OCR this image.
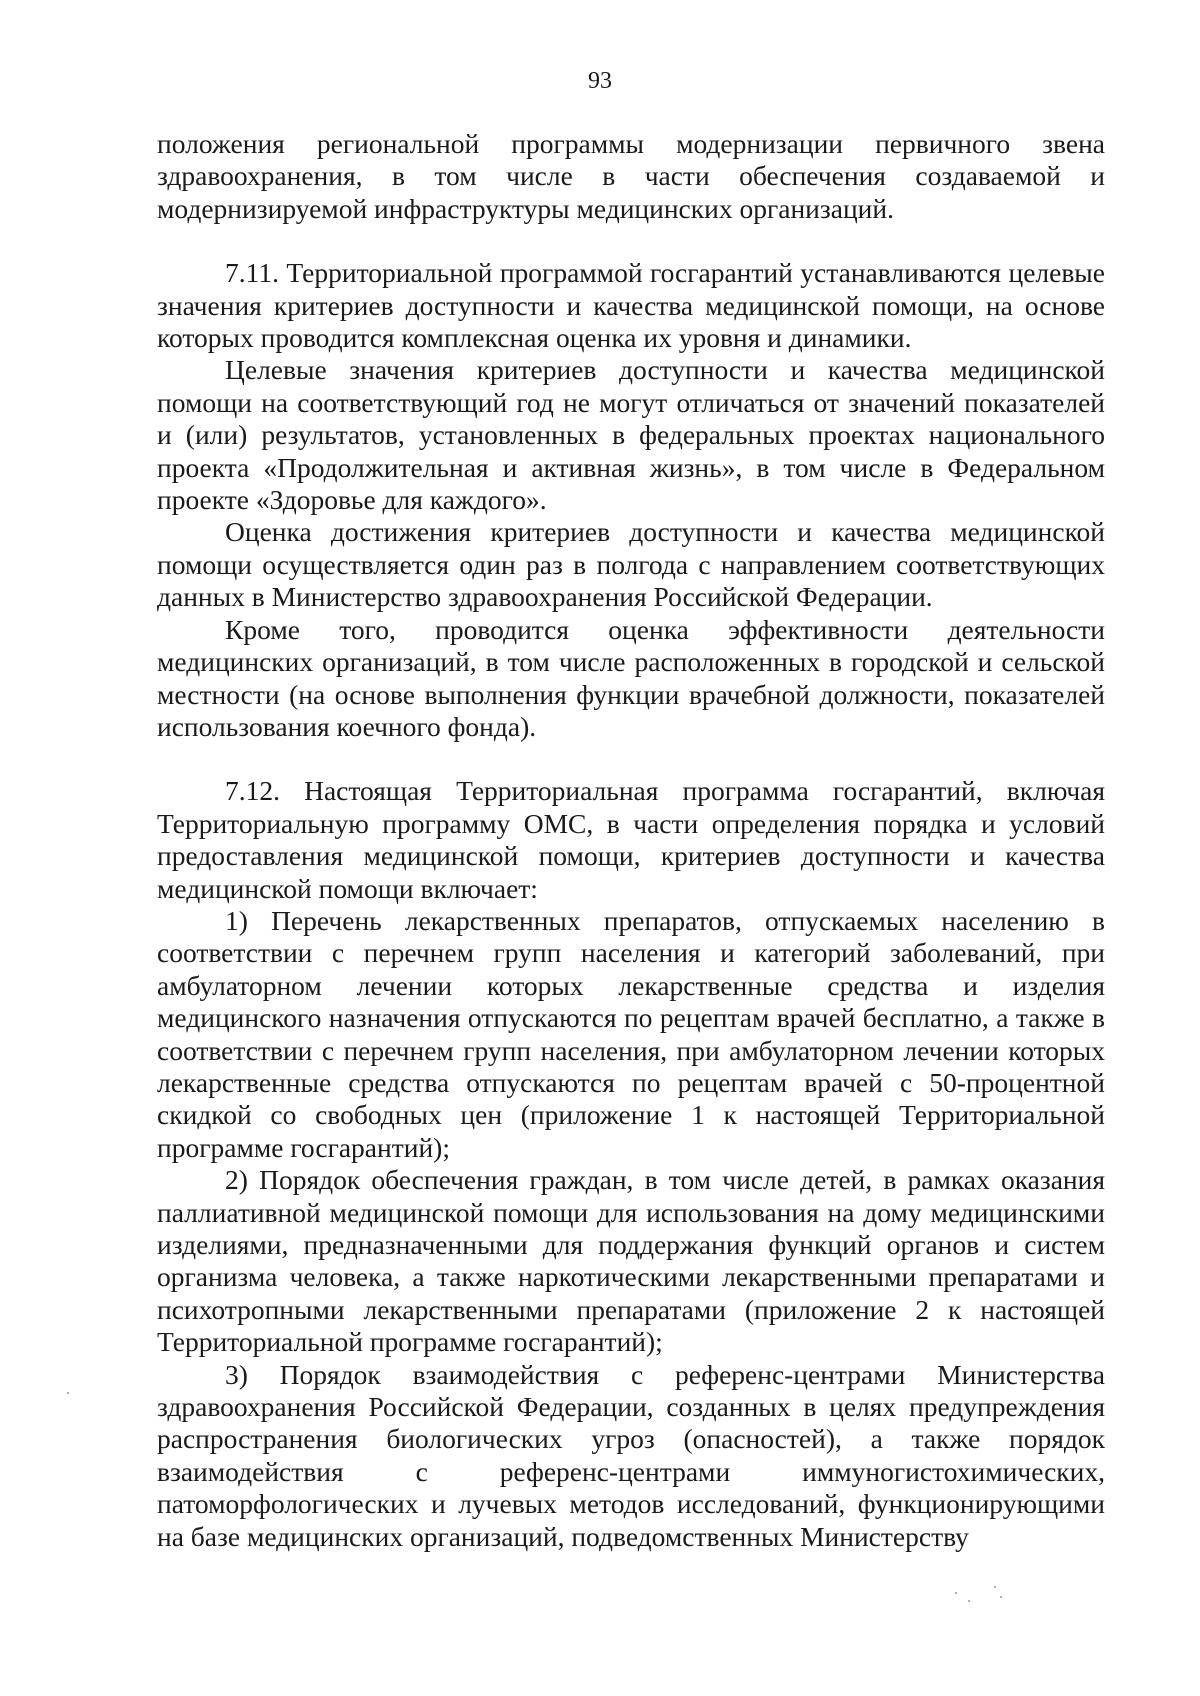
93

положения региональной программы модернизации первичного звена здравоохранения, в том числе в части обеспечения создаваемой и модернизируемой инфраструктуры медицинских организаций.

7.11. Территориальной программой госгарантий устанавливаются целевые значения критериев доступности и качества медицинской помощи, на основе которых проводится комплексная оценка их уровня и динамики.

Целевые значения критериев доступности и качества медицинской помощи на соответствующий год не могут отличаться от значений показателей и (или) результатов, установленных в федеральных проектах национального проекта «Продолжительная и активная жизнь», в том числе в Федеральном проекте «Здоровье для каждого».

Оценка достижения критериев доступности и качества медицинской помощи осуществляется один раз в полгода с направлением соответствующих данных в Министерство здравоохранения Российской Федерации.

Кроме того, проводится оценка эффективности деятельности медицинских организаций, в том числе расположенных в городской и сельской местности (на основе выполнения функции врачебной должности, показателей использования коечного фонда).

7.12. Настоящая Территориальная программа госгарантий, включая Территориальную программу ОМС, в части определения порядка и условий предоставления медицинской помощи, критериев доступности и качества медицинской помощи включает:

1) Перечень лекарственных препаратов, отпускаемых населению в соответствии с перечнем групп населения и категорий заболеваний, при амбулаторном лечении которых лекарственные средства и изделия медицинского назначения отпускаются по рецептам врачей бесплатно, а также в соответствии с перечнем групп населения, при амбулаторном лечении которых лекарственные средства отпускаются по рецептам врачей с 50-процентной скидкой со свободных цен (приложение 1 к настоящей Территориальной программе госгарантий);

2) Порядок обеспечения граждан, в том числе детей, в рамках оказания паллиативной медицинской помощи для использования на дому медицинскими изделиями, предназначенными для поддержания функций органов и систем организма человека, а также наркотическими лекарственными препаратами и психотропными лекарственными препаратами (приложение 2 к настоящей Территориальной программе госгарантий);

3) Порядок взаимодействия с референс-центрами Министерства здравоохранения Российской Федерации, созданных в целях предупреждения распространения биологических угроз (опасностей), а также порядок взаимодействия с референс-центрами иммуногистохимических, патоморфологических и лучевых методов исследований, функционирующими на базе медицинских организаций, подведомственных Министерству
